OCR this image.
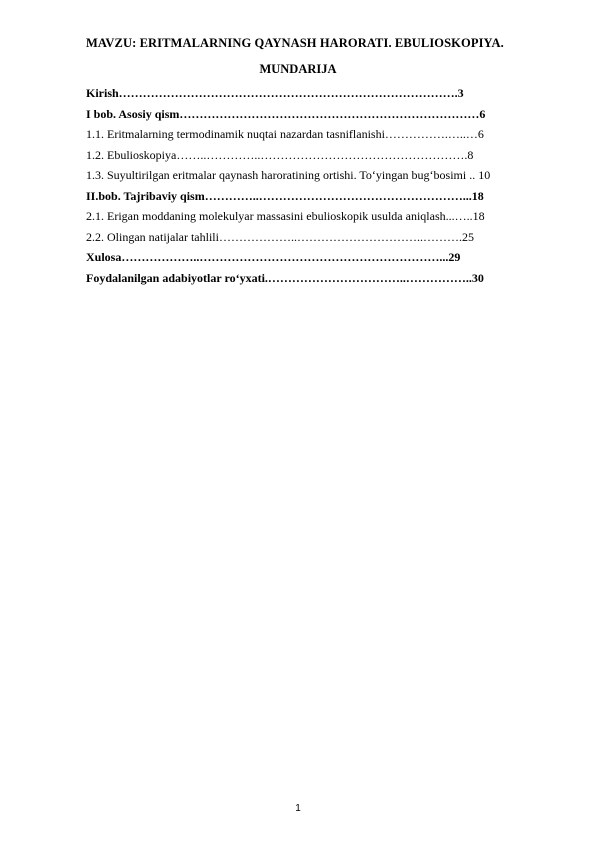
MAVZU: ERITMALARNING QAYNASH HARORATI. EBULIOSKOPIYA.
MUNDARIJA
Kirish………………………………………………………………………….3
I bob. Asosiy qism…………………………………………………………………6
1.1. Eritmalarning termodinamik nuqtai nazardan tasniflanishi…………….…..…6
1.2. Ebulioskopiya……..…………..…………………………………………….8
1.3. Suyultirilgan eritmalar qaynash haroratining ortishi. To‘yingan bug‘bosimi .. 10
II.bob. Tajribaviy qism…………..……………………………………………...18
2.1. Erigan moddaning molekulyar massasini ebulioskopik usulda aniqlash...…..18
2.2. Olingan natijalar tahlili………………..…………………………..……….25
Xulosa………………..……………………………………………………...29
Foydalanilgan adabiyotlar ro‘yxati.……………………………..……………..30
1
